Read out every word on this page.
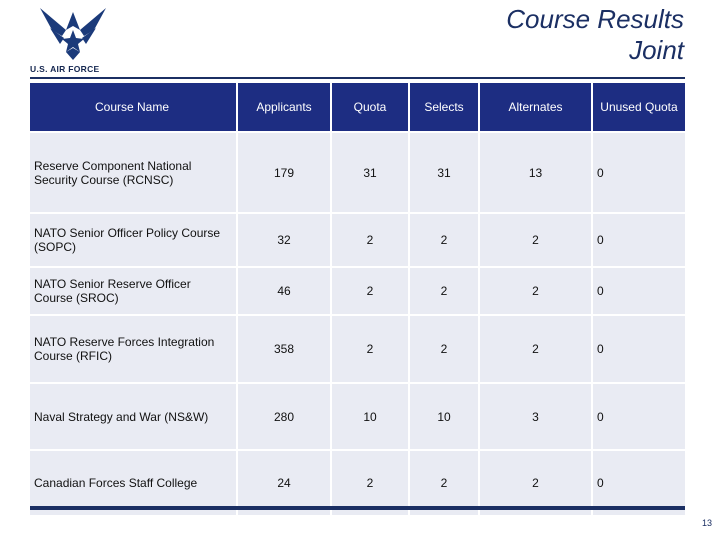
U.S. AIR FORCE
Course Results
Joint
Course Name	Applicants	Quota	Selects	Alternates	Unused Quota
Reserve Component National Security Course (RCNSC)	179	31	31	13	0
NATO Senior Officer Policy Course (SOPC)	32	2	2	2	0
NATO Senior Reserve Officer Course (SROC)	46	2	2	2	0
NATO Reserve Forces Integration Course (RFIC)	358	2	2	2	0
Naval Strategy and War (NS&W)	280	10	10	3	0
Canadian Forces Staff College	24	2	2	2	0
13
